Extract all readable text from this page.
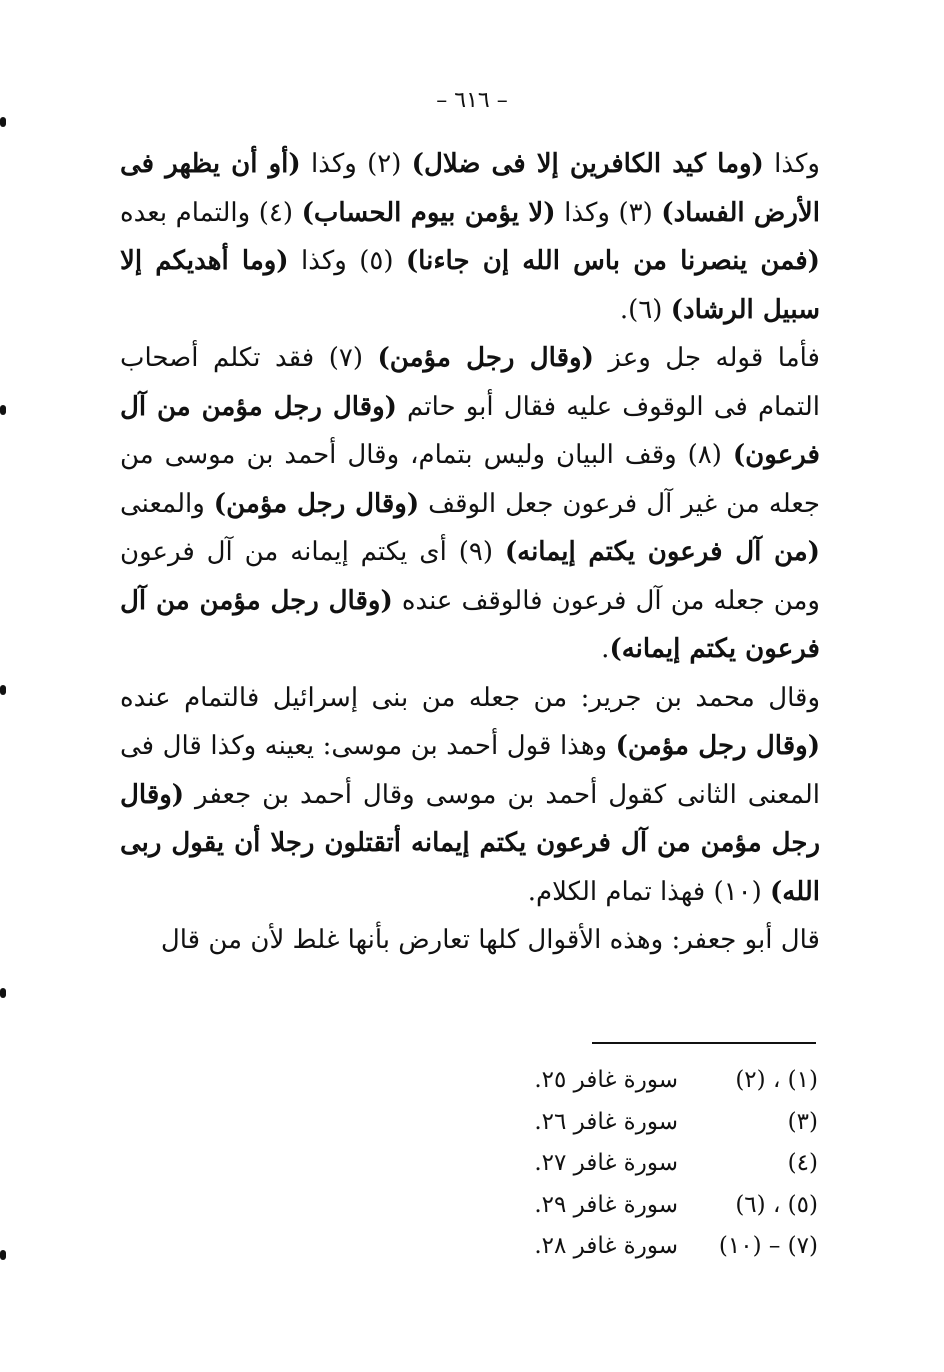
– ٦١٦ –

وكذا (وما كيد الكافرين إلا فى ضلال) (٢) وكذا (أو أن يظهر فى الأرض الفساد) (٣) وكذا (لا يؤمن بيوم الحساب) (٤) والتمام بعده (فمن ينصرنا من باس الله إن جاءنا) (٥) وكذا (وما أهديكم إلا سبيل الرشاد) (٦).

فأما قوله جل وعز (وقال رجل مؤمن) (٧) فقد تكلم أصحاب التمام فى الوقوف عليه فقال أبو حاتم (وقال رجل مؤمن من آل فرعون) (٨) وقف البيان وليس بتمام، وقال أحمد بن موسى من جعله من غير آل فرعون جعل الوقف (وقال رجل مؤمن) والمعنى (من آل فرعون يكتم إيمانه) (٩) أى يكتم إيمانه من آل فرعون ومن جعله من آل فرعون فالوقف عنده (وقال رجل مؤمن من آل فرعون يكتم إيمانه).

وقال محمد بن جرير: من جعله من بنى إسرائيل فالتمام عنده (وقال رجل مؤمن) وهذا قول أحمد بن موسى: يعينه وكذا قال فى المعنى الثانى كقول أحمد بن موسى وقال أحمد بن جعفر (وقال رجل مؤمن من آل فرعون يكتم إيمانه أتقتلون رجلا أن يقول ربى الله) (١٠) فهذا تمام الكلام.

قال أبو جعفر: وهذه الأقوال كلها تعارض بأنها غلط لأن من قال

(١) ، (٢)
سورة غافر ٢٥.
(٣)
سورة غافر ٢٦.
(٤)
سورة غافر ٢٧.
(٥) ، (٦)
سورة غافر ٢٩.
(٧) – (١٠)
سورة غافر ٢٨.
